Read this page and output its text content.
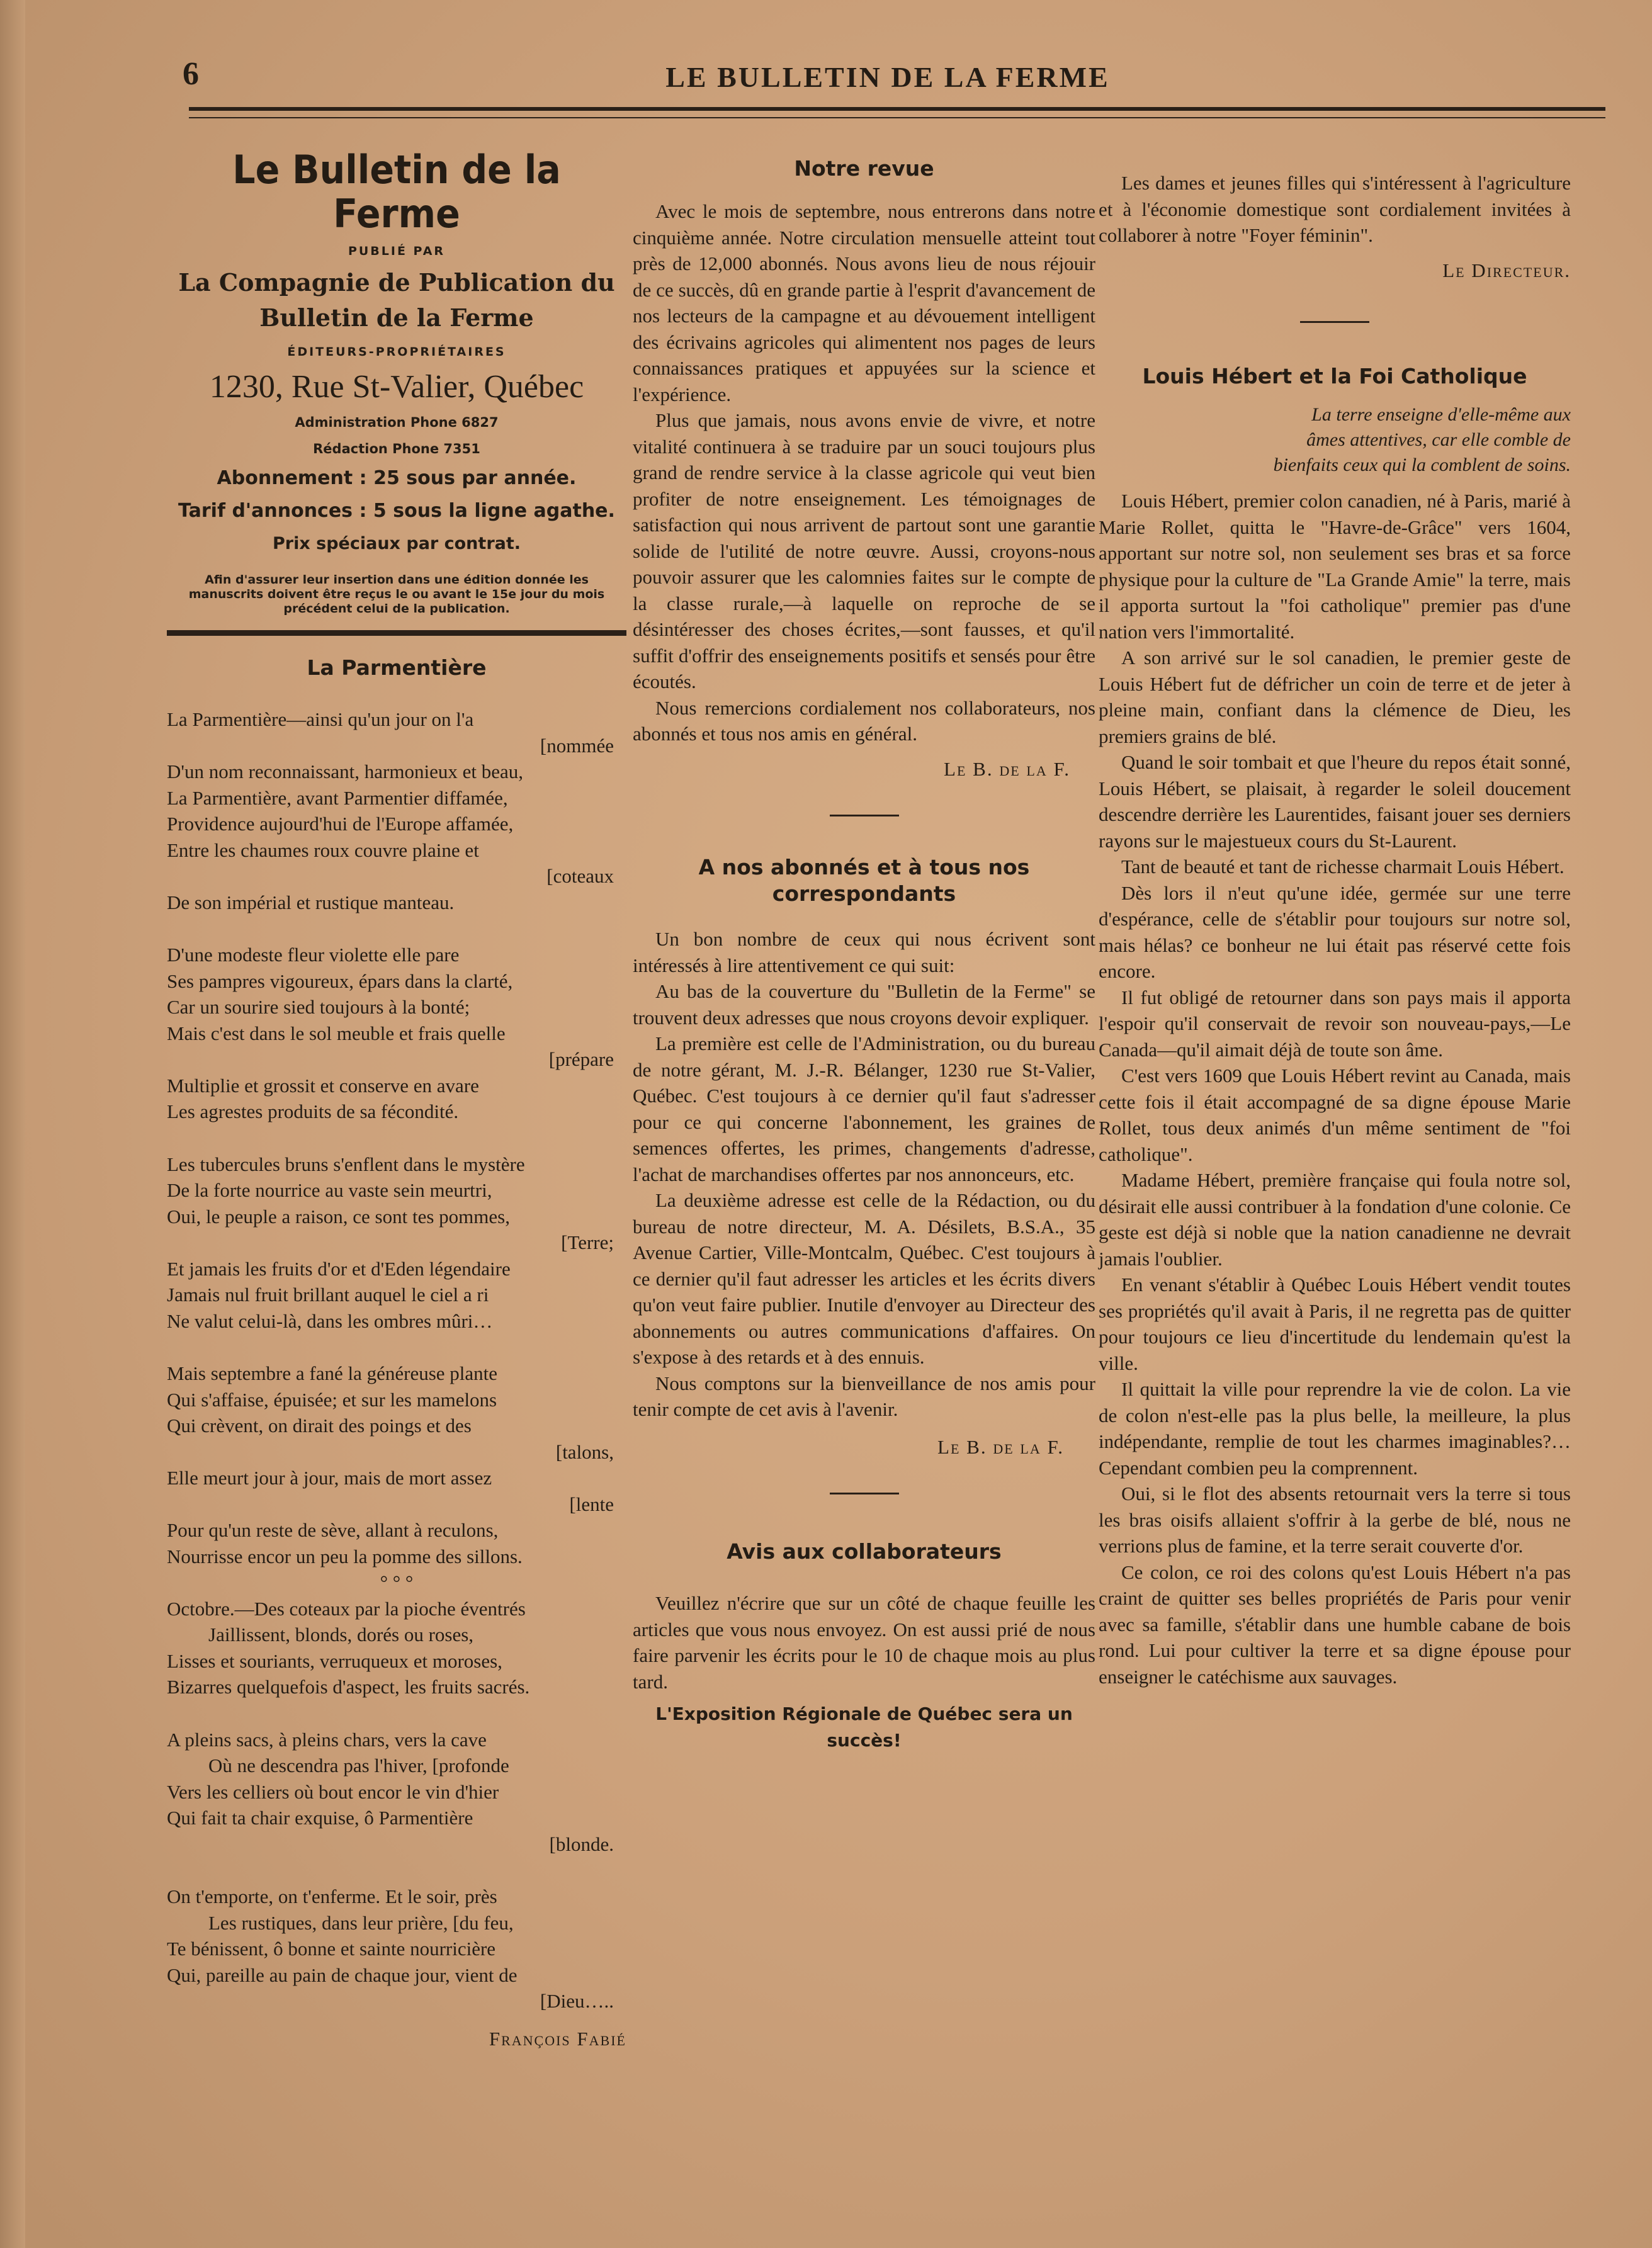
6	LE BULLETIN DE LA FERME
Le Bulletin de la Ferme
PUBLIÉ PAR
La Compagnie de Publication du
Bulletin de la Ferme
ÉDITEURS-PROPRIÉTAIRES
1230, Rue St-Valier, Québec
Administration Phone 6827
Rédaction Phone 7351
Abonnement : 25 sous par année.
Tarif d'annonces : 5 sous la ligne agathe.
Prix spéciaux par contrat.
Afin d'assurer leur insertion dans une édition donnée les manuscrits doivent être reçus le ou avant le 15e jour du mois précédent celui de la publication.
La Parmentière
La Parmentière—ainsi qu'un jour on l'a
[nommée
D'un nom reconnaissant, harmonieux et beau,
La Parmentière, avant Parmentier diffamée,
Providence aujourd'hui de l'Europe affamée,
Entre les chaumes roux couvre plaine et
[coteaux
De son impérial et rustique manteau.
D'une modeste fleur violette elle pare
Ses pampres vigoureux, épars dans la clarté,
Car un sourire sied toujours à la bonté;
Mais c'est dans le sol meuble et frais quelle
[prépare
Multiplie et grossit et conserve en avare
Les agrestes produits de sa fécondité.
Les tubercules bruns s'enflent dans le mystère
De la forte nourrice au vaste sein meurtri,
Oui, le peuple a raison, ce sont tes pommes,
[Terre;
Et jamais les fruits d'or et d'Eden légendaire
Jamais nul fruit brillant auquel le ciel a ri
Ne valut celui-là, dans les ombres mûri…
Mais septembre a fané la généreuse plante
Qui s'affaise, épuisée; et sur les mamelons
Qui crèvent, on dirait des poings et des
[talons,
Elle meurt jour à jour, mais de mort assez
[lente
Pour qu'un reste de sève, allant à reculons,
Nourrisse encor un peu la pomme des sillons.
° ° °
Octobre.—Des coteaux par la pioche éventrés
Jaillissent, blonds, dorés ou roses,
Lisses et souriants, verruqueux et moroses,
Bizarres quelquefois d'aspect, les fruits sacrés.
A pleins sacs, à pleins chars, vers la cave
Où ne descendra pas l'hiver, [profonde
Vers les celliers où bout encor le vin d'hier
Qui fait ta chair exquise, ô Parmentière
[blonde.
On t'emporte, on t'enferme. Et le soir, près
Les rustiques, dans leur prière, [du feu,
Te bénissent, ô bonne et sainte nourricière
Qui, pareille au pain de chaque jour, vient de
[Dieu…..
François Fabié
Notre revue

Avec le mois de septembre, nous entrerons dans notre cinquième année. Notre circulation mensuelle atteint tout près de 12,000 abonnés. Nous avons lieu de nous réjouir de ce succès, dû en grande partie à l'esprit d'avancement de nos lecteurs de la campagne et au dévouement intelligent des écrivains agricoles qui alimentent nos pages de leurs connaissances pratiques et appuyées sur la science et l'expérience.

Plus que jamais, nous avons envie de vivre, et notre vitalité continuera à se traduire par un souci toujours plus grand de rendre service à la classe agricole qui veut bien profiter de notre enseignement. Les témoignages de satisfaction qui nous arrivent de partout sont une garantie solide de l'utilité de notre œuvre. Aussi, croyons-nous pouvoir assurer que les calomnies faites sur le compte de la classe rurale,—à laquelle on reproche de se désintéresser des choses écrites,—sont fausses, et qu'il suffit d'offrir des enseignements positifs et sensés pour être écoutés.

Nous remercions cordialement nos collaborateurs, nos abonnés et tous nos amis en général.

Le B. de la F.
A nos abonnés et à tous nos correspondants

Un bon nombre de ceux qui nous écrivent sont intéressés à lire attentivement ce qui suit:

Au bas de la couverture du "Bulletin de la Ferme" se trouvent deux adresses que nous croyons devoir expliquer.

La première est celle de l'Administration, ou du bureau de notre gérant, M. J.-R. Bélanger, 1230 rue St-Valier, Québec. C'est toujours à ce dernier qu'il faut s'adresser pour ce qui concerne l'abonnement, les graines de semences offertes, les primes, changements d'adresse, l'achat de marchandises offertes par nos annonceurs, etc.

La deuxième adresse est celle de la Rédaction, ou du bureau de notre directeur, M. A. Désilets, B.S.A., 35 Avenue Cartier, Ville-Montcalm, Québec. C'est toujours à ce dernier qu'il faut adresser les articles et les écrits divers qu'on veut faire publier. Inutile d'envoyer au Directeur des abonnements ou autres communications d'affaires. On s'expose à des retards et à des ennuis.

Nous comptons sur la bienveillance de nos amis pour tenir compte de cet avis à l'avenir.

Le B. de la F.
Avis aux collaborateurs

Veuillez n'écrire que sur un côté de chaque feuille les articles que vous nous envoyez. On est aussi prié de nous faire parvenir les écrits pour le 10 de chaque mois au plus tard.

L'Exposition Régionale de Québec sera un succès!

Les dames et jeunes filles qui s'intéressent à l'agriculture et à l'économie domestique sont cordialement invitées à collaborer à notre "Foyer féminin".

Le Directeur.
Louis Hébert et la Foi Catholique
La terre enseigne d'elle-même aux âmes attentives, car elle comble de bienfaits ceux qui la comblent de soins.

Louis Hébert, premier colon canadien, né à Paris, marié à Marie Rollet, quitta le "Havre-de-Grâce" vers 1604, apportant sur notre sol, non seulement ses bras et sa force physique pour la culture de "La Grande Amie" la terre, mais il apporta surtout la "foi catholique" premier pas d'une nation vers l'immortalité.

A son arrivé sur le sol canadien, le premier geste de Louis Hébert fut de défricher un coin de terre et de jeter à pleine main, confiant dans la clémence de Dieu, les premiers grains de blé.

Quand le soir tombait et que l'heure du repos était sonné, Louis Hébert, se plaisait, à regarder le soleil doucement descendre derrière les Laurentides, faisant jouer ses derniers rayons sur le majestueux cours du St-Laurent.

Tant de beauté et tant de richesse charmait Louis Hébert.

Dès lors il n'eut qu'une idée, germée sur une terre d'espérance, celle de s'établir pour toujours sur notre sol, mais hélas? ce bonheur ne lui était pas réservé cette fois encore.

Il fut obligé de retourner dans son pays mais il apporta l'espoir qu'il conservait de revoir son nouveau-pays,—Le Canada—qu'il aimait déjà de toute son âme.

C'est vers 1609 que Louis Hébert revint au Canada, mais cette fois il était accompagné de sa digne épouse Marie Rollet, tous deux animés d'un même sentiment de "foi catholique".

Madame Hébert, première française qui foula notre sol, désirait elle aussi contribuer à la fondation d'une colonie. Ce geste est déjà si noble que la nation canadienne ne devrait jamais l'oublier.

En venant s'établir à Québec Louis Hébert vendit toutes ses propriétés qu'il avait à Paris, il ne regretta pas de quitter pour toujours ce lieu d'incertitude du lendemain qu'est la ville.

Il quittait la ville pour reprendre la vie de colon. La vie de colon n'est-elle pas la plus belle, la meilleure, la plus indépendante, remplie de tout les charmes imaginables?… Cependant combien peu la comprennent.

Oui, si le flot des absents retournait vers la terre si tous les bras oisifs allaient s'offrir à la gerbe de blé, nous ne verrions plus de famine, et la terre serait couverte d'or.

Ce colon, ce roi des colons qu'est Louis Hébert n'a pas craint de quitter ses belles propriétés de Paris pour venir avec sa famille, s'établir dans une humble cabane de bois rond. Lui pour cultiver la terre et sa digne épouse pour enseigner le catéchisme aux sauvages.
